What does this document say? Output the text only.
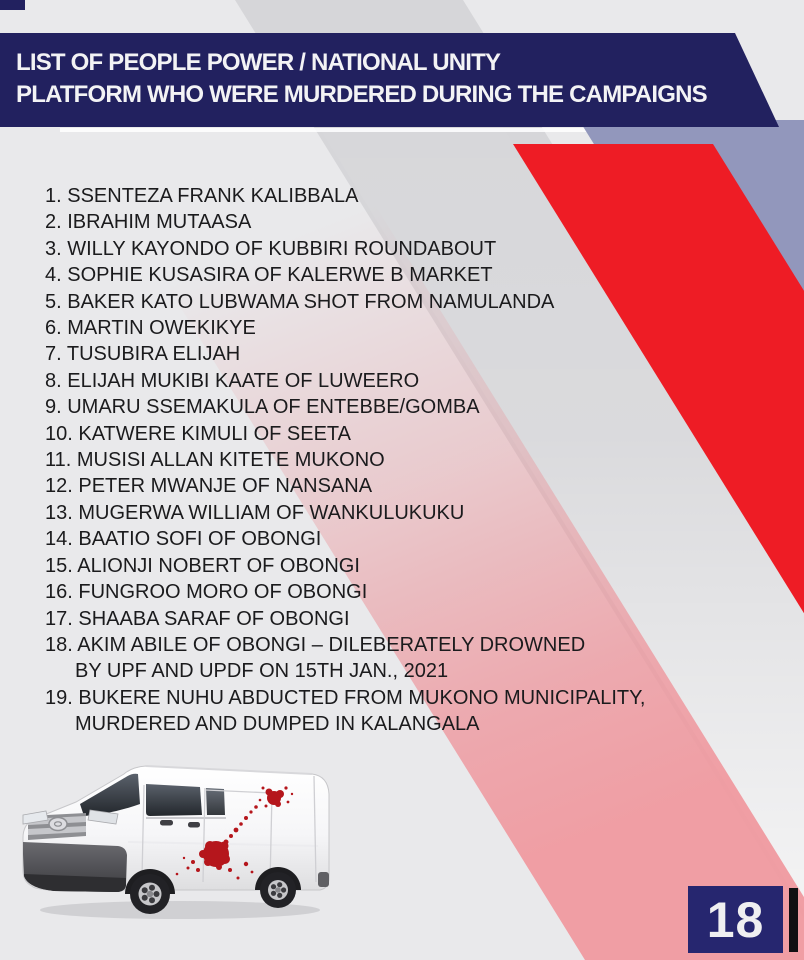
LIST OF PEOPLE POWER / NATIONAL UNITY
PLATFORM WHO WERE MURDERED DURING THE CAMPAIGNS
1. SSENTEZA FRANK KALIBBALA
2. IBRAHIM MUTAASA
3. WILLY KAYONDO OF KUBBIRI ROUNDABOUT
4. SOPHIE KUSASIRA OF KALERWE B MARKET
5. BAKER KATO LUBWAMA SHOT FROM NAMULANDA
6. MARTIN OWEKIKYE
7. TUSUBIRA ELIJAH
8. ELIJAH MUKIBI KAATE OF LUWEERO
9. UMARU SSEMAKULA OF ENTEBBE/GOMBA
10. KATWERE KIMULI OF SEETA
11. MUSISI ALLAN KITETE MUKONO
12. PETER MWANJE OF NANSANA
13. MUGERWA WILLIAM OF WANKULUKUKU
14. BAATIO SOFI OF OBONGI
15. ALIONJI NOBERT OF OBONGI
16. FUNGROO MORO OF OBONGI
17. SHAABA SARAF OF OBONGI
18. AKIM ABILE OF OBONGI – DILEBERATELY DROWNED
BY UPF AND UPDF ON 15TH JAN., 2021
19. BUKERE NUHU ABDUCTED FROM MUKONO MUNICIPALITY,
MURDERED AND DUMPED IN KALANGALA
18
